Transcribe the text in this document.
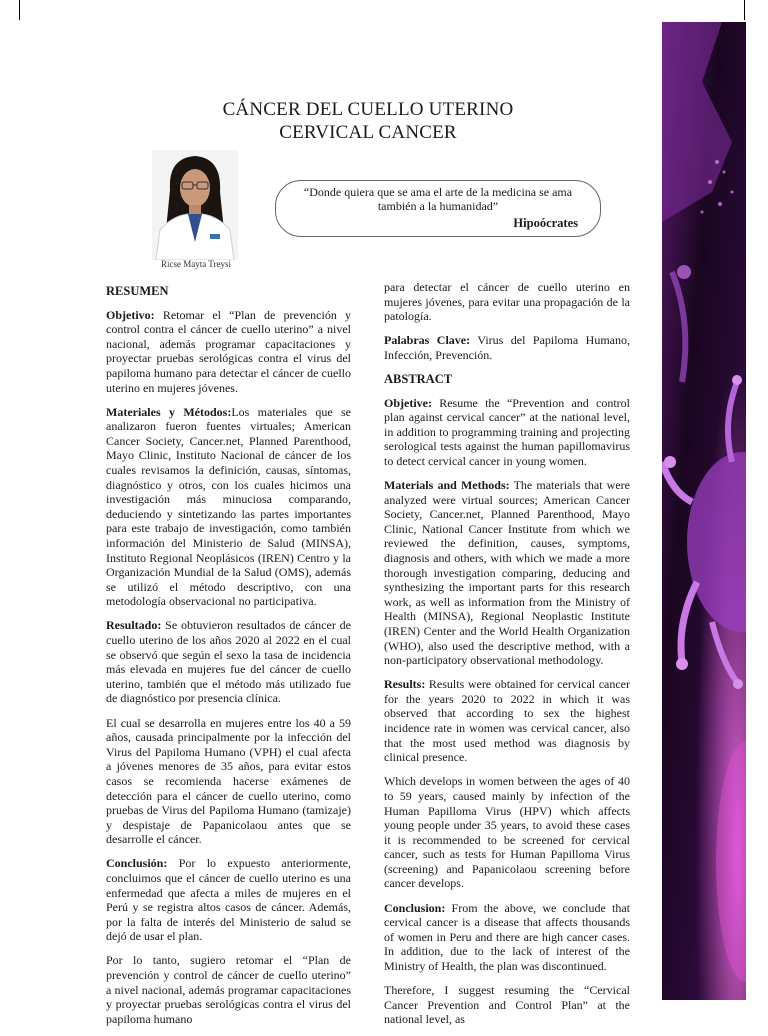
CÁNCER DEL CUELLO UTERINO
CERVICAL CANCER
Ricse Mayta Treysi
“Donde quiera que se ama el arte de la medicina se ama también a la humanidad”
Hipoócrates
RESUMEN

Objetivo: Retomar el “Plan de prevención y control contra el cáncer de cuello uterino” a nivel nacional, además programar capacitaciones y proyectar pruebas serológicas contra el virus del papiloma humano para detectar el cáncer de cuello uterino en mujeres jóvenes.

Materiales y Métodos:Los materiales que se analizaron fueron fuentes virtuales; American Cancer Society, Cancer.net, Planned Parenthood, Mayo Clinic, Instituto Nacional de cáncer de los cuales revisamos la definición, causas, síntomas, diagnóstico y otros, con los cuales hicimos una investigación más minuciosa comparando, deduciendo y sintetizando las partes importantes para este trabajo de investigación, como también información del Ministerio de Salud (MINSA), Instituto Regional Neoplásicos (IREN) Centro y la Organización Mundial de la Salud (OMS), además se utilizó el método descriptivo, con una metodología observacional no participativa.

Resultado: Se obtuvieron resultados de cáncer de cuello uterino de los años 2020 al 2022 en el cual se observó que según el sexo la tasa de incidencia más elevada en mujeres fue del cáncer de cuello uterino, también que el método más utilizado fue de diagnóstico por presencia clínica.

El cual se desarrolla en mujeres entre los 40 a 59 años, causada principalmente por la infección del Virus del Papiloma Humano (VPH) el cual afecta a jóvenes menores de 35 años, para evitar estos casos se recomienda hacerse exámenes de detección para el cáncer de cuello uterino, como pruebas de Virus del Papiloma Humano (tamizaje) y despistaje de Papanicolaou antes que se desarrolle el cáncer.

Conclusión: Por lo expuesto anteriormente, concluimos que el cáncer de cuello uterino es una enfermedad que afecta a miles de mujeres en el Perú y se registra altos casos de cáncer. Además, por la falta de interés del Ministerio de salud se dejó de usar el plan.

Por lo tanto, sugiero retomar el “Plan de prevención y control de cáncer de cuello uterino” a nivel nacional, además programar capacitaciones y proyectar pruebas serológicas contra el virus del papiloma humano

para detectar el cáncer de cuello uterino en mujeres jóvenes, para evitar una propagación de la patología.

Palabras Clave: Virus del Papiloma Humano, Infección, Prevención.

ABSTRACT

Objetive: Resume the “Prevention and control plan against cervical cancer” at the national level, in addition to programming training and projecting serological tests against the human papillomavirus to detect cervical cancer in young women.

Materials and Methods: The materials that were analyzed were virtual sources; American Cancer Society, Cancer.net, Planned Parenthood, Mayo Clinic, National Cancer Institute from which we reviewed the definition, causes, symptoms, diagnosis and others, with which we made a more thorough investigation comparing, deducing and synthesizing the important parts for this research work, as well as information from the Ministry of Health (MINSA), Regional Neoplastic Institute (IREN) Center and the World Health Organization (WHO), also used the descriptive method, with a non-participatory observational methodology.

Results: Results were obtained for cervical cancer for the years 2020 to 2022 in which it was observed that according to sex the highest incidence rate in women was cervical cancer, also that the most used method was diagnosis by clinical presence.

Which develops in women between the ages of 40 to 59 years, caused mainly by infection of the Human Papilloma Virus (HPV) which affects young people under 35 years, to avoid these cases it is recommended to be screened for cervical cancer, such as tests for Human Papilloma Virus (screening) and Papanicolaou screening before cancer develops.

Conclusion: From the above, we conclude that cervical cancer is a disease that affects thousands of women in Peru and there are high cancer cases. In addition, due to the lack of interest of the Ministry of Health, the plan was discontinued.

Therefore, I suggest resuming the “Cervical Cancer Prevention and Control Plan” at the national level, as
